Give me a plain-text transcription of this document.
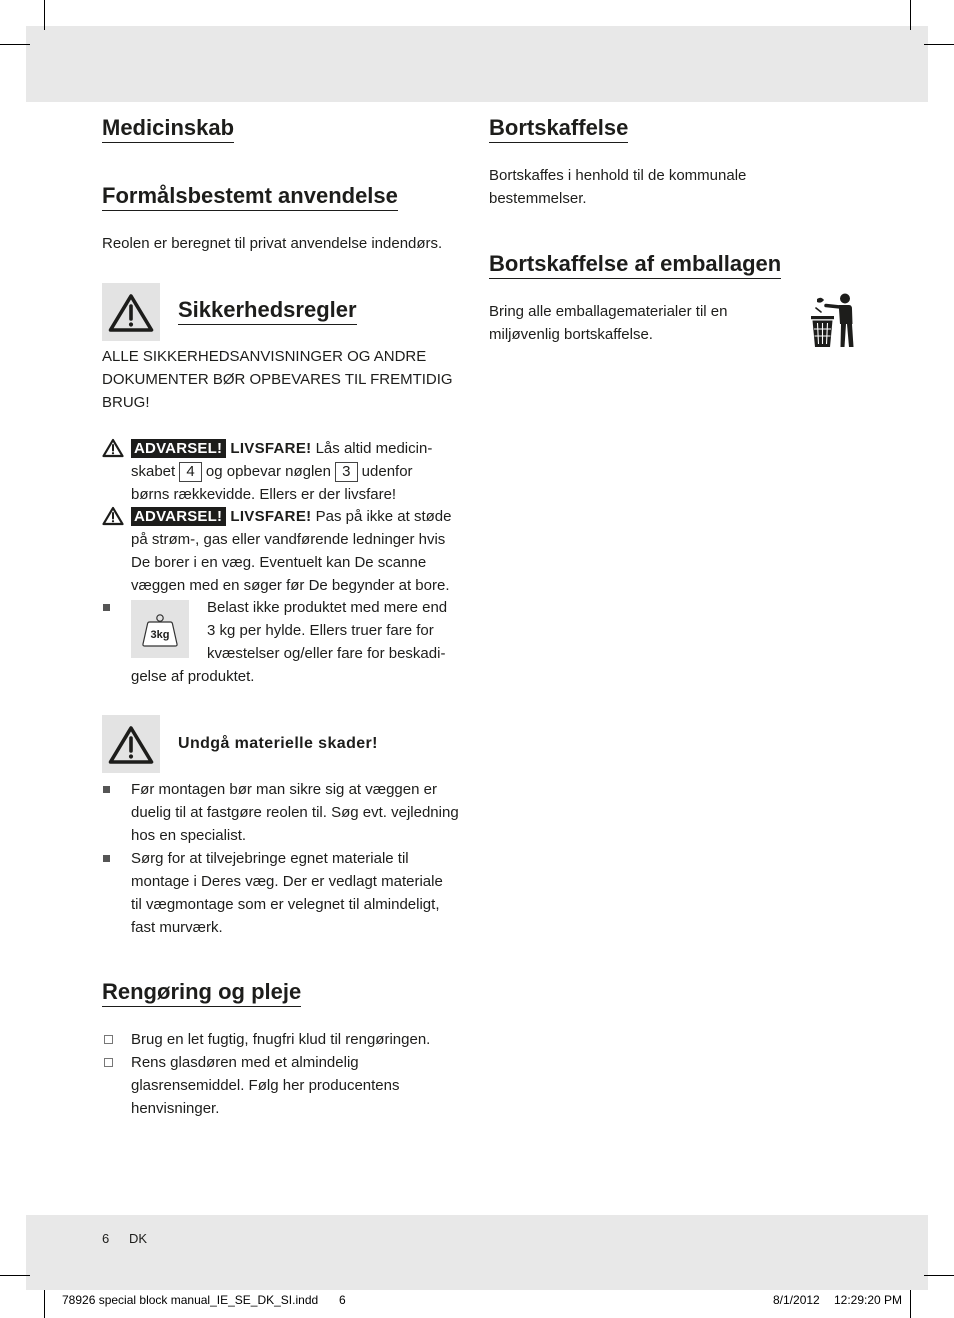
Medicinskab
Formålsbestemt anvendelse
Reolen er beregnet til privat anvendelse indendørs.
Sikkerhedsregler
ALLE SIKKERHEDSANVISNINGER OG ANDRE
DOKUMENTER BØR OPBEVARES TIL FREMTIDIG
BRUG!
ADVARSEL! LIVSFARE! Lås altid medicin-
skabet 4 og opbevar nøglen 3 udenfor
børns rækkevidde. Ellers er der livsfare!
ADVARSEL! LIVSFARE! Pas på ikke at støde
på strøm-, gas eller vandførende ledninger hvis
De borer i en væg. Eventuelt kan De scanne
væggen med en søger før De begynder at bore.
3kg
Belast ikke produktet med mere end
3 kg per hylde. Ellers truer fare for
kvæstelser og/eller fare for beskadi-
gelse af produktet.
Undgå materielle skader!
Før montagen bør man sikre sig at væggen er
duelig til at fastgøre reolen til. Søg evt. vejledning
hos en specialist.
Sørg for at tilvejebringe egnet materiale til
montage i Deres væg. Der er vedlagt materiale
til vægmontage som er velegnet til almindeligt,
fast murværk.
Rengøring og pleje
Brug en let fugtig, fnugfri klud til rengøringen.
Rens glasdøren med et almindelig
glasrensemiddel. Følg her producentens
henvisninger.
Bortskaffelse
Bortskaffes i henhold til de kommunale
bestemmelser.
Bortskaffelse af emballagen
Bring alle emballagematerialer til en
miljøvenlig bortskaffelse.
6 DK
78926 special block manual_IE_SE_DK_SI.indd 6	8/1/2012 12:29:20 PM
